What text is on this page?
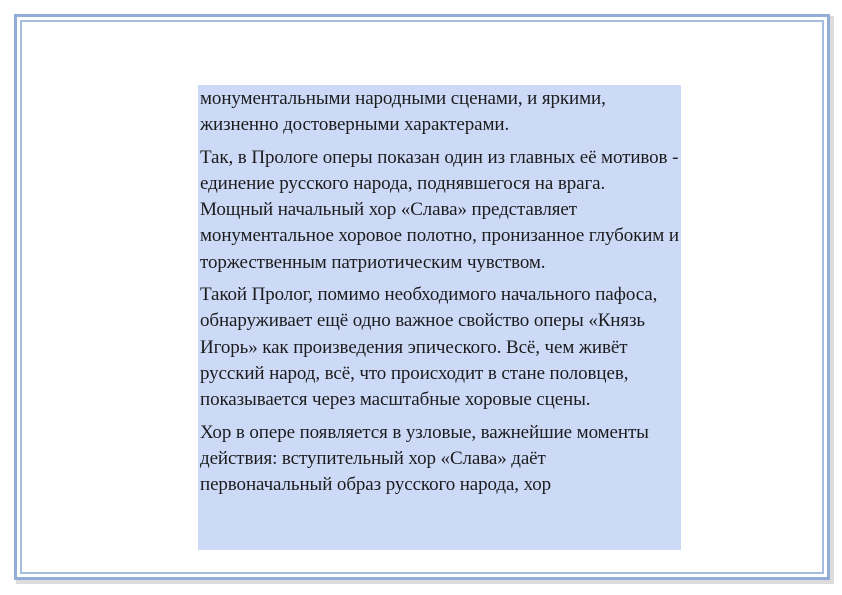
монументальными народными сценами, и яркими, жизненно достоверными характерами.

Так, в Прологе оперы показан один из главных её мотивов - единение русского народа, поднявшегося на врага. Мощный начальный хор «Слава» представляет монументальное хоровое полотно, пронизанное глубоким и торжественным патриотическим чувством.

Такой Пролог, помимо необходимого начального пафоса, обнаруживает ещё одно важное свойство оперы «Князь Игорь» как произведения эпического. Всё, чем живёт русский народ, всё, что происходит в стане половцев, показывается через масштабные хоровые сцены.

Хор в опере появляется в узловые, важнейшие моменты действия: вступительный хор «Слава» даёт первоначальный образ русского народа, хор
